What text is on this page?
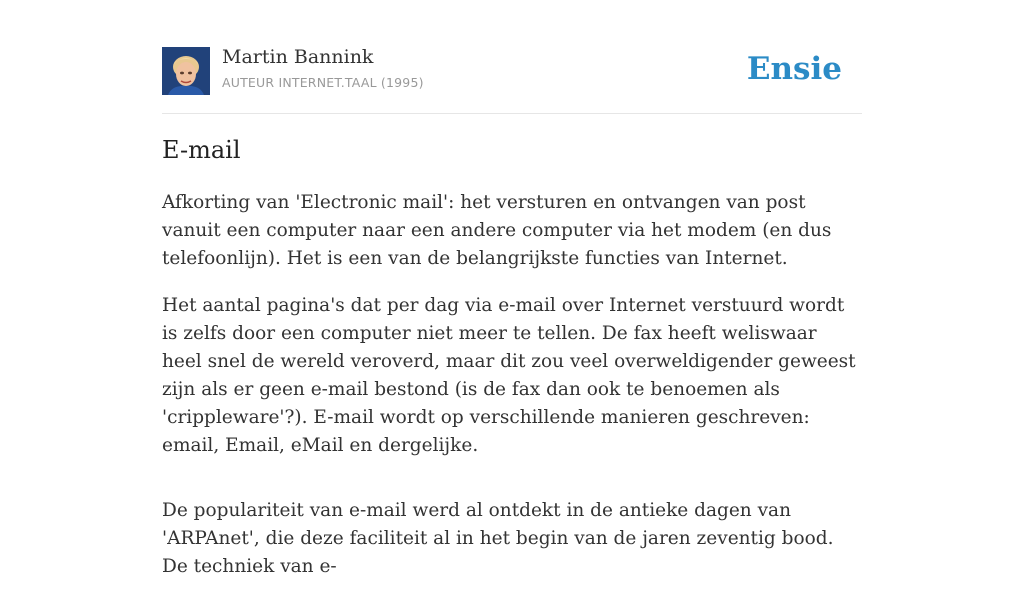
Martin Bannink
AUTEUR INTERNET.TAAL (1995)	Ensie
E-mail

Afkorting van 'Electronic mail': het versturen en ontvangen van post vanuit een computer naar een andere computer via het modem (en dus telefoonlijn). Het is een van de belangrijkste functies van Internet.

Het aantal pagina's dat per dag via e-mail over Internet verstuurd wordt is zelfs door een computer niet meer te tellen. De fax heeft weliswaar heel snel de wereld veroverd, maar dit zou veel overweldigender geweest zijn als er geen e-mail bestond (is de fax dan ook te benoemen als 'crippleware'?). E-mail wordt op verschillende manieren geschreven: email, Email, eMail en dergelijke.

De populariteit van e-mail werd al ontdekt in de antieke dagen van 'ARPAnet', die deze faciliteit al in het begin van de jaren zeventig bood. De techniek van e-
